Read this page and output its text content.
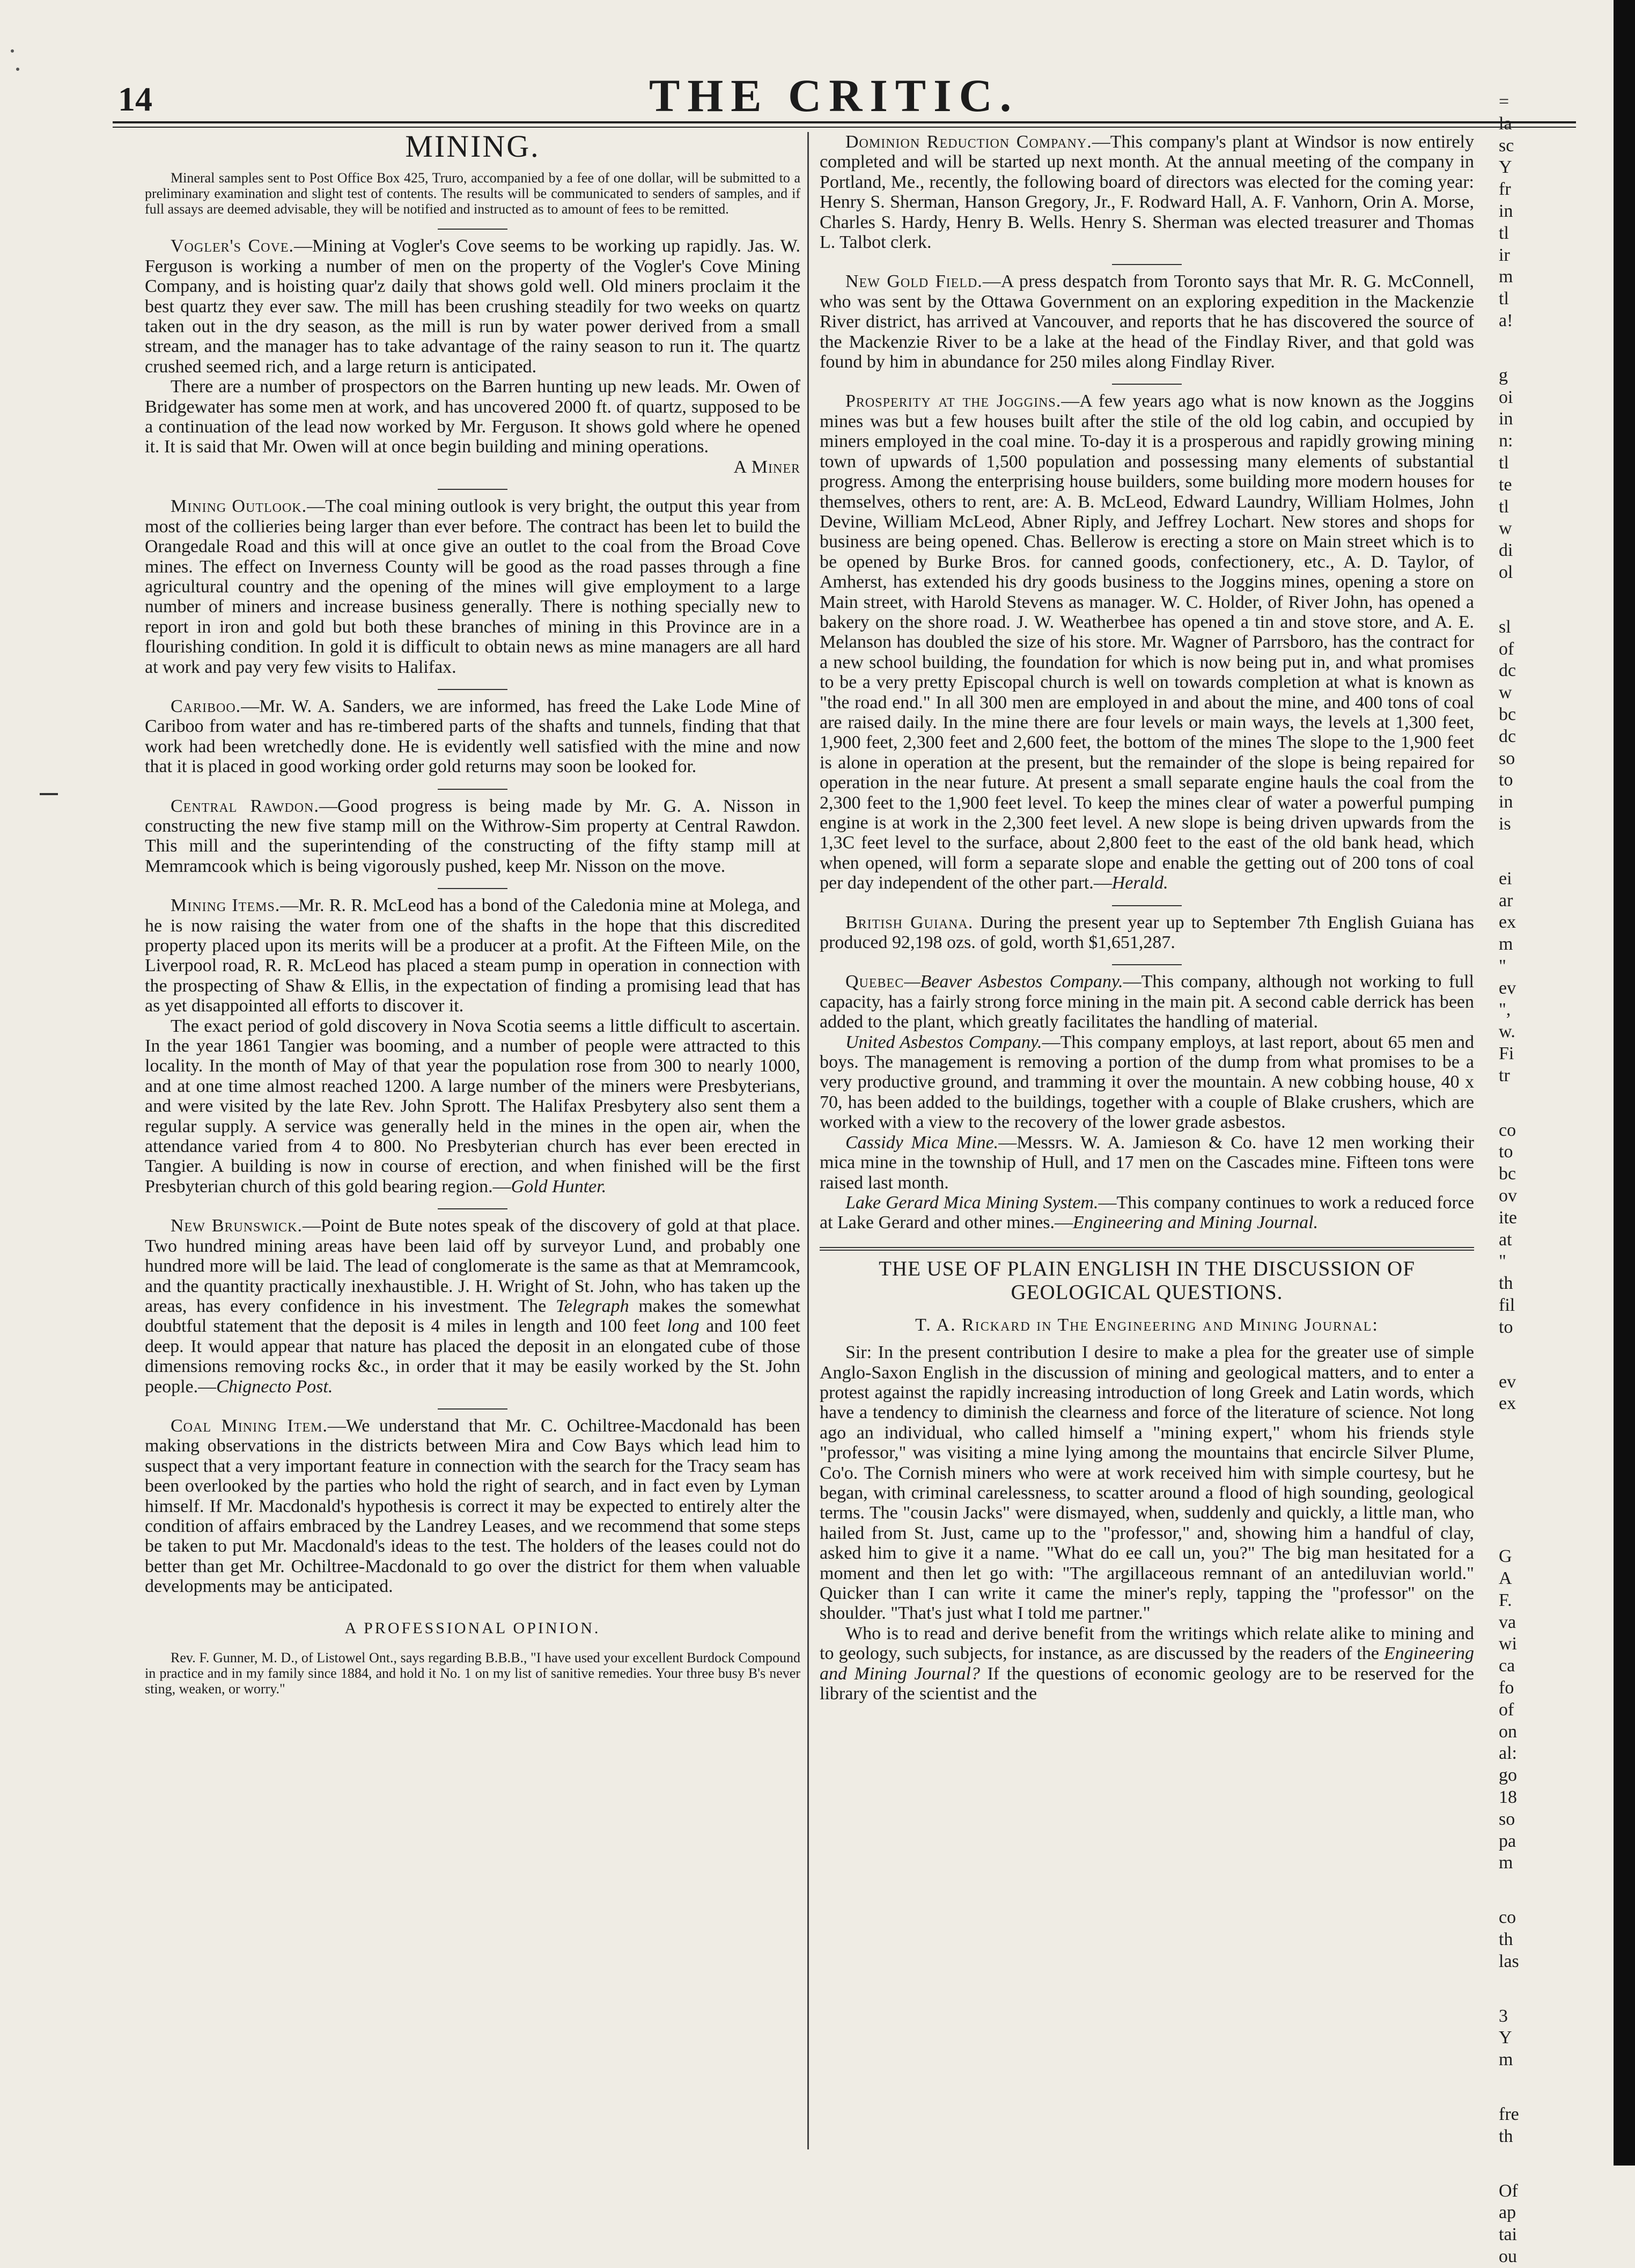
14	THE CRITIC.
MINING.

Mineral samples sent to Post Office Box 425, Truro, accompanied by a fee of one dollar, will be submitted to a preliminary examination and slight test of contents. The results will be communicated to senders of samples, and if full assays are deemed advisable, they will be notified and instructed as to amount of fees to be remitted.

Vogler's Cove.—Mining at Vogler's Cove seems to be working up rapidly. Jas. W. Ferguson is working a number of men on the property of the Vogler's Cove Mining Company, and is hoisting quar'z daily that shows gold well. Old miners proclaim it the best quartz they ever saw. The mill has been crushing steadily for two weeks on quartz taken out in the dry season, as the mill is run by water power derived from a small stream, and the manager has to take advantage of the rainy season to run it. The quartz crushed seemed rich, and a large return is anticipated.

There are a number of prospectors on the Barren hunting up new leads. Mr. Owen of Bridgewater has some men at work, and has uncovered 2000 ft. of quartz, supposed to be a continuation of the lead now worked by Mr. Ferguson. It shows gold where he opened it. It is said that Mr. Owen will at once begin building and mining operations.

A Miner

Mining Outlook.—The coal mining outlook is very bright, the output this year from most of the collieries being larger than ever before. The contract has been let to build the Orangedale Road and this will at once give an outlet to the coal from the Broad Cove mines. The effect on Inverness County will be good as the road passes through a fine agricultural country and the opening of the mines will give employment to a large number of miners and increase business generally. There is nothing specially new to report in iron and gold but both these branches of mining in this Province are in a flourishing condition. In gold it is difficult to obtain news as mine managers are all hard at work and pay very few visits to Halifax.

Cariboo.—Mr. W. A. Sanders, we are informed, has freed the Lake Lode Mine of Cariboo from water and has re-timbered parts of the shafts and tunnels, finding that that work had been wretchedly done. He is evidently well satisfied with the mine and now that it is placed in good working order gold returns may soon be looked for.

Central Rawdon.—Good progress is being made by Mr. G. A. Nisson in constructing the new five stamp mill on the Withrow-Sim property at Central Rawdon. This mill and the superintending of the constructing of the fifty stamp mill at Memramcook which is being vigorously pushed, keep Mr. Nisson on the move.

Mining Items.—Mr. R. R. McLeod has a bond of the Caledonia mine at Molega, and he is now raising the water from one of the shafts in the hope that this discredited property placed upon its merits will be a producer at a profit. At the Fifteen Mile, on the Liverpool road, R. R. McLeod has placed a steam pump in operation in connection with the prospecting of Shaw & Ellis, in the expectation of finding a promising lead that has as yet disappointed all efforts to discover it.

The exact period of gold discovery in Nova Scotia seems a little difficult to ascertain. In the year 1861 Tangier was booming, and a number of people were attracted to this locality. In the month of May of that year the population rose from 300 to nearly 1000, and at one time almost reached 1200. A large number of the miners were Presbyterians, and were visited by the late Rev. John Sprott. The Halifax Presbytery also sent them a regular supply. A service was generally held in the mines in the open air, when the attendance varied from 4 to 800. No Presbyterian church has ever been erected in Tangier. A building is now in course of erection, and when finished will be the first Presbyterian church of this gold bearing region.—Gold Hunter.

New Brunswick.—Point de Bute notes speak of the discovery of gold at that place. Two hundred mining areas have been laid off by surveyor Lund, and probably one hundred more will be laid. The lead of conglomerate is the same as that at Memramcook, and the quantity practically inexhaustible. J. H. Wright of St. John, who has taken up the areas, has every confidence in his investment. The Telegraph makes the somewhat doubtful statement that the deposit is 4 miles in length and 100 feet long and 100 feet deep. It would appear that nature has placed the deposit in an elongated cube of those dimensions removing rocks &c., in order that it may be easily worked by the St. John people.—Chignecto Post.

Coal Mining Item.—We understand that Mr. C. Ochiltree-Macdonald has been making observations in the districts between Mira and Cow Bays which lead him to suspect that a very important feature in connection with the search for the Tracy seam has been overlooked by the parties who hold the right of search, and in fact even by Lyman himself. If Mr. Macdonald's hypothesis is correct it may be expected to entirely alter the condition of affairs embraced by the Landrey Leases, and we recommend that some steps be taken to put Mr. Macdonald's ideas to the test. The holders of the leases could not do better than get Mr. Ochiltree-Macdonald to go over the district for them when valuable developments may be anticipated.

A PROFESSIONAL OPINION.

Rev. F. Gunner, M. D., of Listowel Ont., says regarding B.B.B., "I have used your excellent Burdock Compound in practice and in my family since 1884, and hold it No. 1 on my list of sanitive remedies. Your three busy B's never sting, weaken, or worry."

Dominion Reduction Company.—This company's plant at Windsor is now entirely completed and will be started up next month. At the annual meeting of the company in Portland, Me., recently, the following board of directors was elected for the coming year: Henry S. Sherman, Hanson Gregory, Jr., F. Rodward Hall, A. F. Vanhorn, Orin A. Morse, Charles S. Hardy, Henry B. Wells. Henry S. Sherman was elected treasurer and Thomas L. Talbot clerk.

New Gold Field.—A press despatch from Toronto says that Mr. R. G. McConnell, who was sent by the Ottawa Government on an exploring expedition in the Mackenzie River district, has arrived at Vancouver, and reports that he has discovered the source of the Mackenzie River to be a lake at the head of the Findlay River, and that gold was found by him in abundance for 250 miles along Findlay River.

Prosperity at the Joggins.—A few years ago what is now known as the Joggins mines was but a few houses built after the stile of the old log cabin, and occupied by miners employed in the coal mine. To-day it is a prosperous and rapidly growing mining town of upwards of 1,500 population and possessing many elements of substantial progress. Among the enterprising house builders, some building more modern houses for themselves, others to rent, are: A. B. McLeod, Edward Laundry, William Holmes, John Devine, William McLeod, Abner Riply, and Jeffrey Lochart. New stores and shops for business are being opened. Chas. Bellerow is erecting a store on Main street which is to be opened by Burke Bros. for canned goods, confectionery, etc., A. D. Taylor, of Amherst, has extended his dry goods business to the Joggins mines, opening a store on Main street, with Harold Stevens as manager. W. C. Holder, of River John, has opened a bakery on the shore road. J. W. Weatherbee has opened a tin and stove store, and A. E. Melanson has doubled the size of his store. Mr. Wagner of Parrsboro, has the contract for a new school building, the foundation for which is now being put in, and what promises to be a very pretty Episcopal church is well on towards completion at what is known as "the road end." In all 300 men are employed in and about the mine, and 400 tons of coal are raised daily. In the mine there are four levels or main ways, the levels at 1,300 feet, 1,900 feet, 2,300 feet and 2,600 feet, the bottom of the mines The slope to the 1,900 feet is alone in operation at the present, but the remainder of the slope is being repaired for operation in the near future. At present a small separate engine hauls the coal from the 2,300 feet to the 1,900 feet level. To keep the mines clear of water a powerful pumping engine is at work in the 2,300 feet level. A new slope is being driven upwards from the 1,3C feet level to the surface, about 2,800 feet to the east of the old bank head, which when opened, will form a separate slope and enable the getting out of 200 tons of coal per day independent of the other part.—Herald.

British Guiana. During the present year up to September 7th English Guiana has produced 92,198 ozs. of gold, worth $1,651,287.

Quebec—Beaver Asbestos Company.—This company, although not working to full capacity, has a fairly strong force mining in the main pit. A second cable derrick has been added to the plant, which greatly facilitates the handling of material.

United Asbestos Company.—This company employs, at last report, about 65 men and boys. The management is removing a portion of the dump from what promises to be a very productive ground, and tramming it over the mountain. A new cobbing house, 40 x 70, has been added to the buildings, together with a couple of Blake crushers, which are worked with a view to the recovery of the lower grade asbestos.

Cassidy Mica Mine.—Messrs. W. A. Jamieson & Co. have 12 men working their mica mine in the township of Hull, and 17 men on the Cascades mine. Fifteen tons were raised last month.

Lake Gerard Mica Mining System.—This company continues to work a reduced force at Lake Gerard and other mines.—Engineering and Mining Journal.

THE USE OF PLAIN ENGLISH IN THE DISCUSSION OF GEOLOGICAL QUESTIONS.
T. A. Rickard in The Engineering and Mining Journal:

Sir: In the present contribution I desire to make a plea for the greater use of simple Anglo-Saxon English in the discussion of mining and geological matters, and to enter a protest against the rapidly increasing introduction of long Greek and Latin words, which have a tendency to diminish the clearness and force of the literature of science. Not long ago an individual, who called himself a "mining expert," whom his friends style "professor," was visiting a mine lying among the mountains that encircle Silver Plume, Co'o. The Cornish miners who were at work received him with simple courtesy, but he began, with criminal carelessness, to scatter around a flood of high sounding, geological terms. The "cousin Jacks" were dismayed, when, suddenly and quickly, a little man, who hailed from St. Just, came up to the "professor," and, showing him a handful of clay, asked him to give it a name. "What do ee call un, you?" The big man hesitated for a moment and then let go with: "The argillaceous remnant of an antediluvian world." Quicker than I can write it came the miner's reply, tapping the "professor" on the shoulder. "That's just what I told me partner."

Who is to read and derive benefit from the writings which relate alike to mining and to geology, such subjects, for instance, as are discussed by the readers of the Engineering and Mining Journal? If the questions of economic geology are to be reserved for the library of the scientist and the

=
la
sc
Y
fr
in
tl
ir
m
tl
a!
g
oi
in
n:
tl
te
tl
w
di
ol
sl
of
dc
w
bc
dc
so
to
in
is
ei
ar
ex
m
"
ev
",
w.
Fi
tr
co
to
bc
ov
ite
at
"
th
fil
to
ev
ex
G
A
F.
va
wi
ca
fo
of
on
al:
go
18
so
pa
m
co
th
las
3
Y
m
fre
th
Of
ap
tai
ou
